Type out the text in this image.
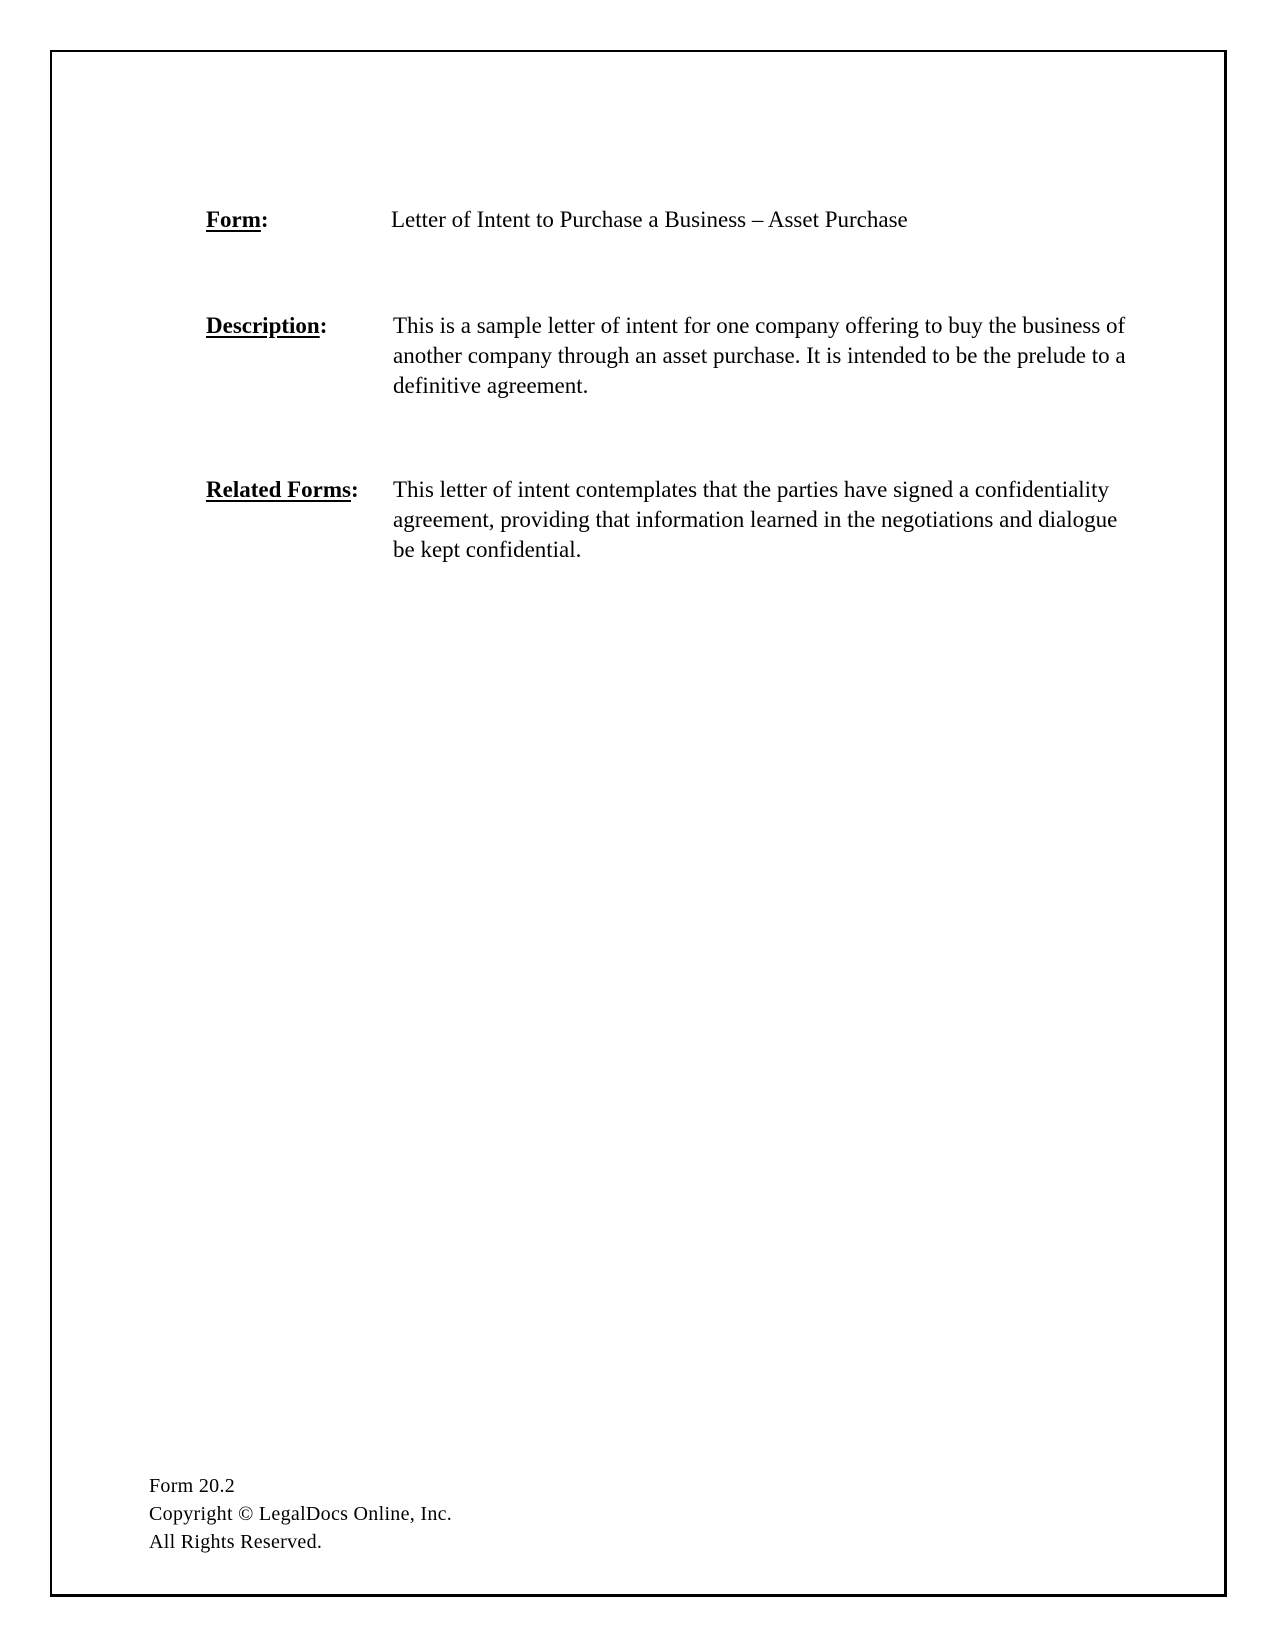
Form:	Letter of Intent to Purchase a Business – Asset Purchase
Description:	This is a sample letter of intent for one company offering to buy the business of another company through an asset purchase. It is intended to be the prelude to a definitive agreement.
Related Forms: This letter of intent contemplates that the parties have signed a confidentiality agreement, providing that information learned in the negotiations and dialogue be kept confidential.
Form 20.2
Copyright © LegalDocs Online, Inc.
All Rights Reserved.
